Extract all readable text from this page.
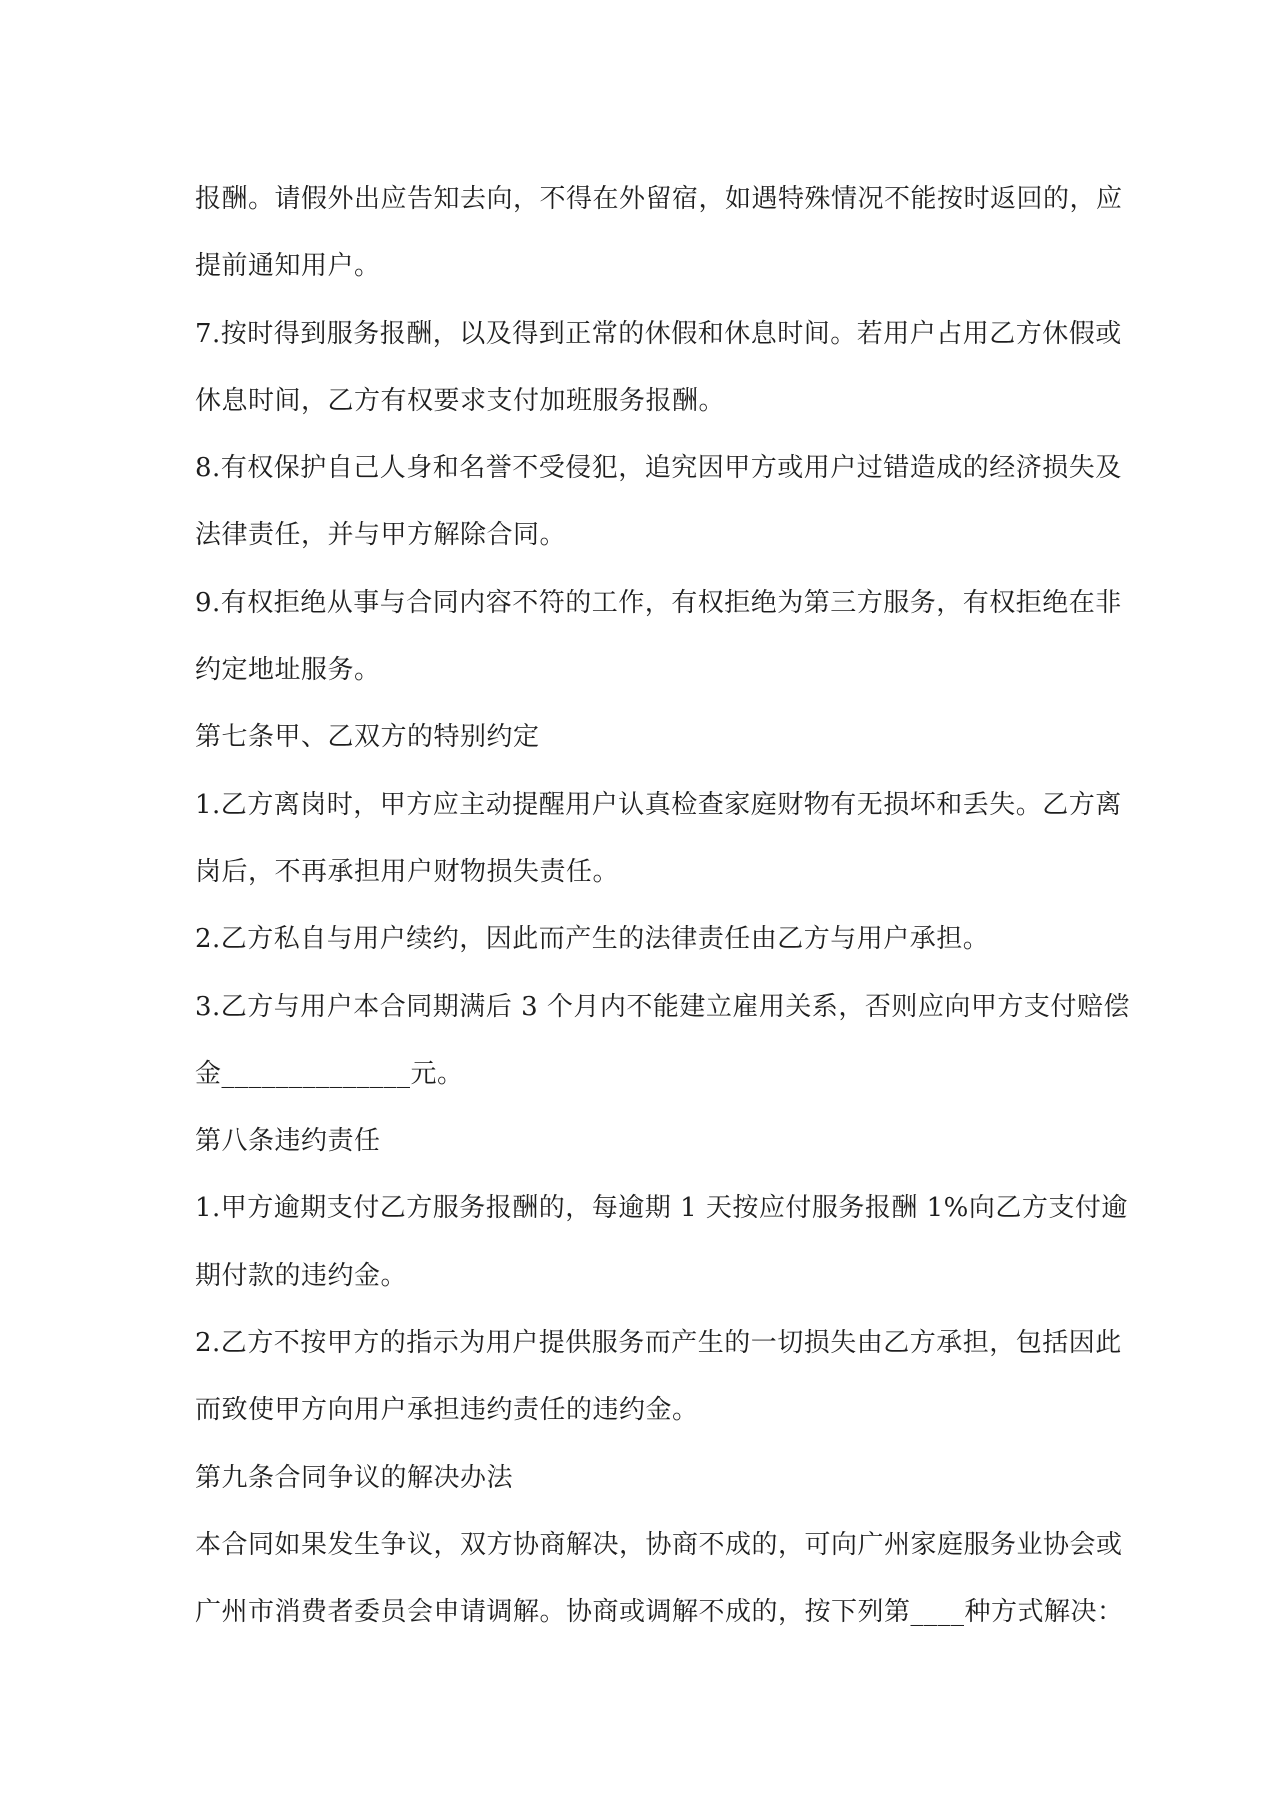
报酬。请假外出应告知去向，不得在外留宿，如遇特殊情况不能按时返回的，应
提前通知用户。
7.按时得到服务报酬，以及得到正常的休假和休息时间。若用户占用乙方休假或
休息时间，乙方有权要求支付加班服务报酬。
8.有权保护自己人身和名誉不受侵犯，追究因甲方或用户过错造成的经济损失及
法律责任，并与甲方解除合同。
9.有权拒绝从事与合同内容不符的工作，有权拒绝为第三方服务，有权拒绝在非
约定地址服务。
第七条甲、乙双方的特别约定
1.乙方离岗时，甲方应主动提醒用户认真检查家庭财物有无损坏和丢失。乙方离
岗后，不再承担用户财物损失责任。
2.乙方私自与用户续约，因此而产生的法律责任由乙方与用户承担。
3.乙方与用户本合同期满后 3 个月内不能建立雇用关系，否则应向甲方支付赔偿
金______________元。
第八条违约责任
1.甲方逾期支付乙方服务报酬的，每逾期 1 天按应付服务报酬 1%向乙方支付逾
期付款的违约金。
2.乙方不按甲方的指示为用户提供服务而产生的一切损失由乙方承担，包括因此
而致使甲方向用户承担违约责任的违约金。
第九条合同争议的解决办法
本合同如果发生争议，双方协商解决，协商不成的，可向广州家庭服务业协会或
广州市消费者委员会申请调解。协商或调解不成的，按下列第____种方式解决：
